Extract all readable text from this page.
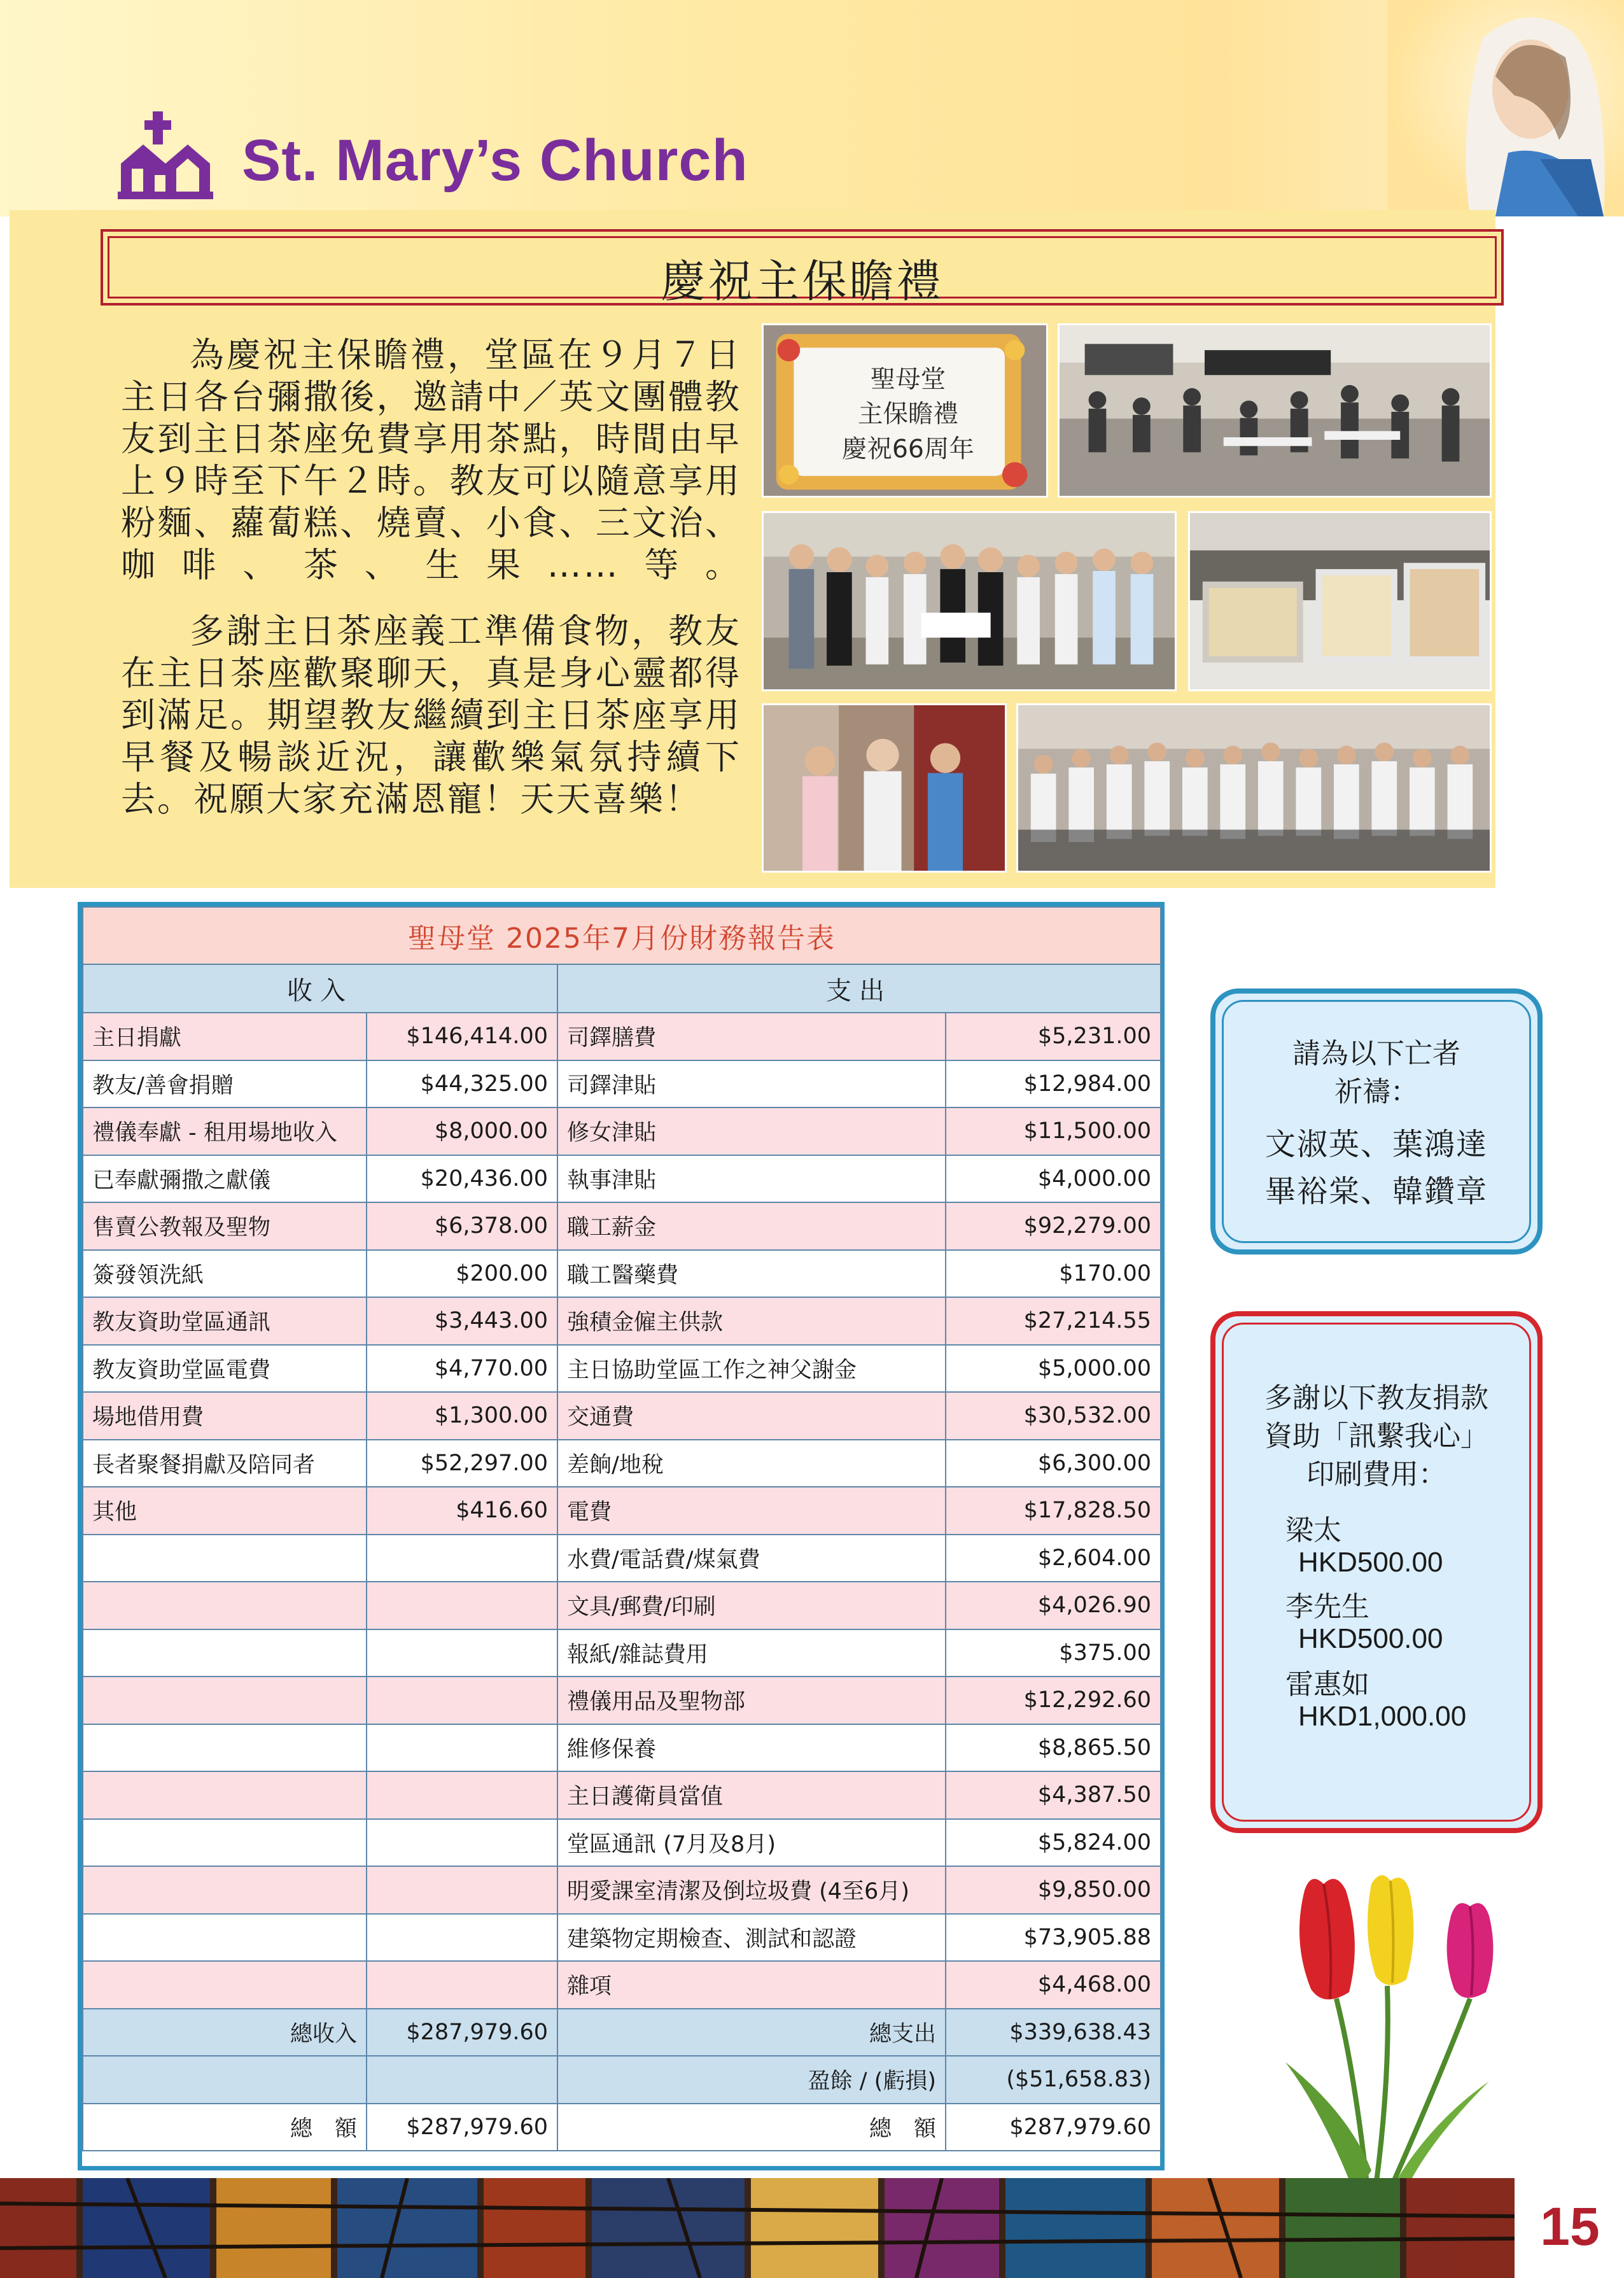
St. Mary’s Church
慶祝主保瞻禮

為慶祝主保瞻禮，堂區在９月７日主日各台彌撒後，邀請中／英文團體教友到主日茶座免費享用茶點，時間由早上９時至下午２時。教友可以隨意享用粉麵、蘿蔔糕、燒賣、小食、三文治、咖啡、茶、生果……等。

多謝主日茶座義工準備食物，教友在主日茶座歡聚聊天，真是身心靈都得到滿足。期望教友繼續到主日茶座享用早餐及暢談近況，讓歡樂氣氛持續下去。祝願大家充滿恩寵！天天喜樂！

聖母堂
主保瞻禮
慶祝66周年
聖母堂 2025年7月份財務報告表			
收入		支出	
主日捐獻	$146,414.00	司鐸膳費	$5,231.00
教友/善會捐贈	$44,325.00	司鐸津貼	$12,984.00
禮儀奉獻 - 租用場地收入	$8,000.00	修女津貼	$11,500.00
已奉獻彌撒之獻儀	$20,436.00	執事津貼	$4,000.00
售賣公教報及聖物	$6,378.00	職工薪金	$92,279.00
簽發領洗紙	$200.00	職工醫藥費	$170.00
教友資助堂區通訊	$3,443.00	強積金僱主供款	$27,214.55
教友資助堂區電費	$4,770.00	主日協助堂區工作之神父謝金	$5,000.00
場地借用費	$1,300.00	交通費	$30,532.00
長者聚餐捐獻及陪同者	$52,297.00	差餉/地稅	$6,300.00
其他	$416.60	電費	$17,828.50
		水費/電話費/煤氣費	$2,604.00
		文具/郵費/印刷	$4,026.90
		報紙/雜誌費用	$375.00
		禮儀用品及聖物部	$12,292.60
		維修保養	$8,865.50
		主日護衛員當值	$4,387.50
		堂區通訊 (7月及8月)	$5,824.00
		明愛課室清潔及倒垃圾費 (4至6月)	$9,850.00
		建築物定期檢查、測試和認證	$73,905.88
		雜項	$4,468.00
總收入	$287,979.60	總支出	$339,638.43
		盈餘 / (虧損)	($51,658.83)
總　額	$287,979.60	總　額	$287,979.60
請為以下亡者
祈禱：
文淑英、葉鴻達
畢裕棠、韓鑽章
多謝以下教友捐款
資助「訊繫我心」
印刷費用：
梁太
HKD500.00
李先生
HKD500.00
雷惠如
HKD1,000.00
15
